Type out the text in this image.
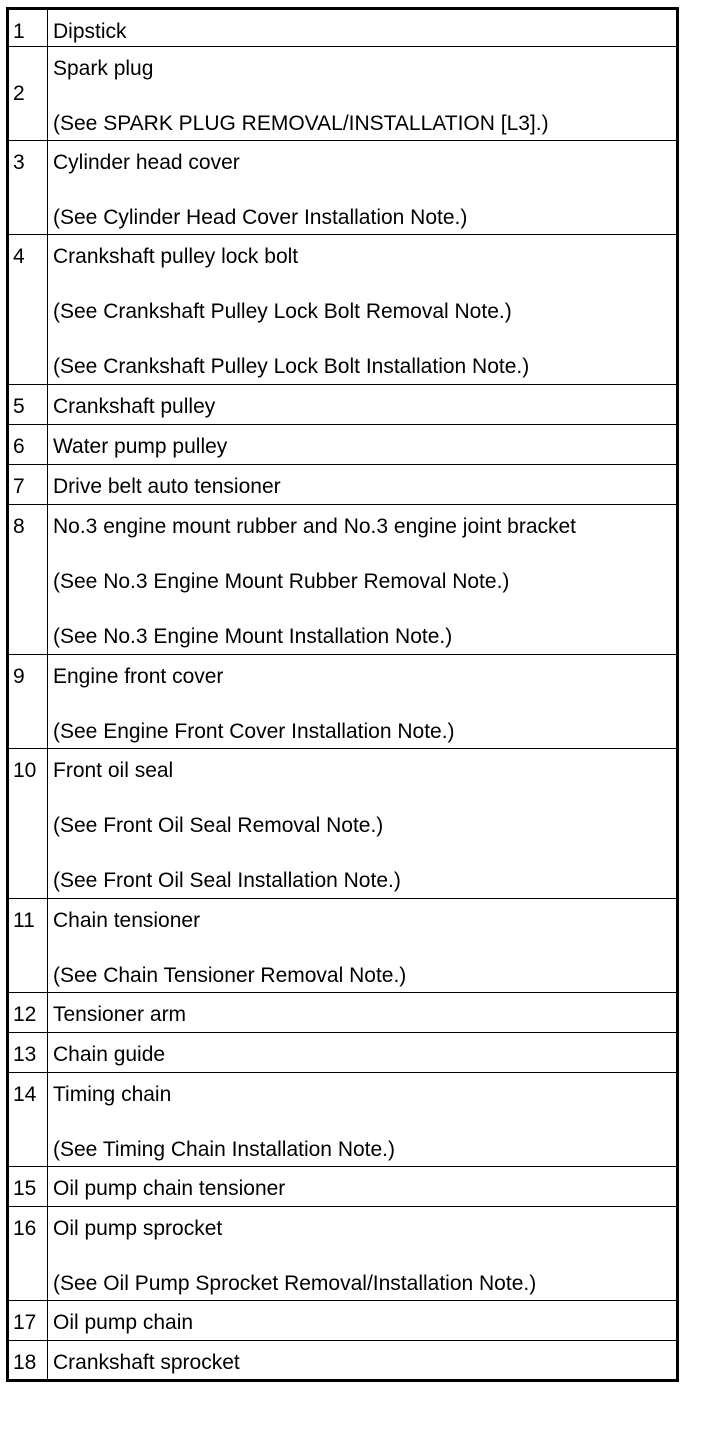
1	Dipstick

2	Spark plug
(See SPARK PLUG REMOVAL/INSTALLATION [L3].)

3	Cylinder head cover
(See Cylinder Head Cover Installation Note.)

4	Crankshaft pulley lock bolt
(See Crankshaft Pulley Lock Bolt Removal Note.)
(See Crankshaft Pulley Lock Bolt Installation Note.)

5	Crankshaft pulley

6	Water pump pulley

7	Drive belt auto tensioner

8	No.3 engine mount rubber and No.3 engine joint bracket
(See No.3 Engine Mount Rubber Removal Note.)
(See No.3 Engine Mount Installation Note.)

9	Engine front cover
(See Engine Front Cover Installation Note.)

10	Front oil seal
(See Front Oil Seal Removal Note.)
(See Front Oil Seal Installation Note.)

11	Chain tensioner
(See Chain Tensioner Removal Note.)

12	Tensioner arm

13	Chain guide

14	Timing chain
(See Timing Chain Installation Note.)

15	Oil pump chain tensioner

16	Oil pump sprocket
(See Oil Pump Sprocket Removal/Installation Note.)

17	Oil pump chain

18	Crankshaft sprocket
